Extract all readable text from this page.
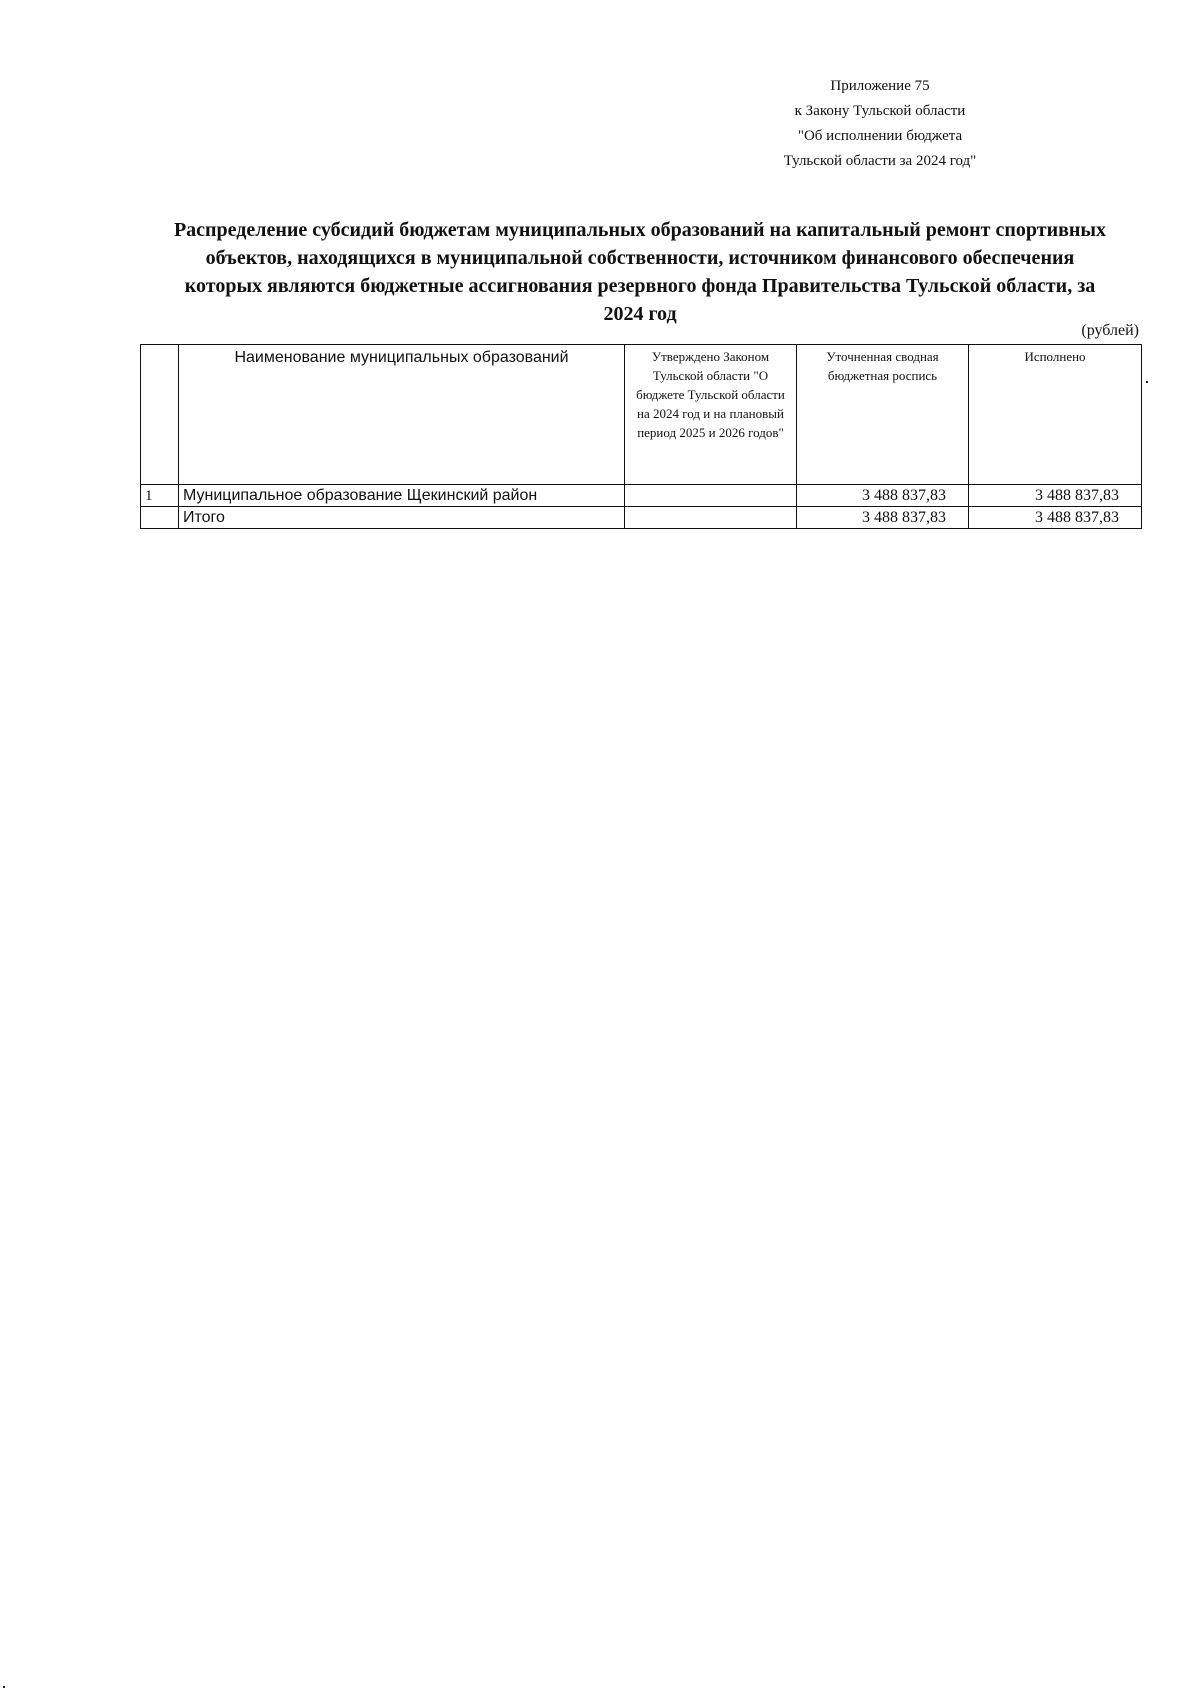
Приложение 75
к Закону Тульской области
"Об исполнении бюджета
Тульской области за 2024 год"
Распределение субсидий бюджетам муниципальных образований на капитальный ремонт спортивных
объектов, находящихся в муниципальной собственности, источником финансового обеспечения
которых являются бюджетные ассигнования резервного фонда Правительства Тульской области, за
2024 год
(рублей)
	Наименование муниципальных образований	Утверждено Законом Тульской области "О бюджете Тульской области на 2024 год и на плановый период 2025 и 2026 годов"	Уточненная сводная бюджетная роспись	Исполнено
1	Муниципальное образование Щекинский район		3 488 837,83	3 488 837,83
	Итого		3 488 837,83	3 488 837,83
